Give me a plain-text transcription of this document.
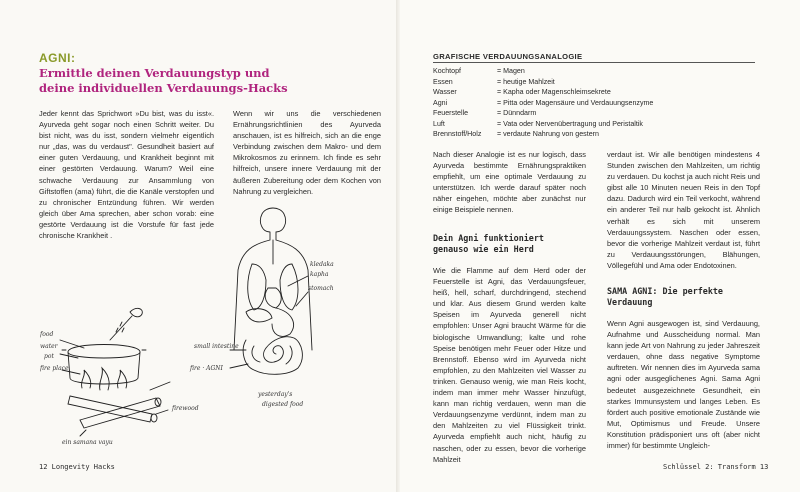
AGNI:
Ermittle deinen Verdauungstyp und
deine individuellen Verdauungs-Hacks

Jeder kennt das Sprichwort »Du bist, was du isst«. Ayurveda geht sogar noch einen Schritt weiter. Du bist nicht, was du isst, sondern vielmehr eigentlich nur „das, was du verdaust". Gesundheit basiert auf einer guten Verdauung, und Krankheit beginnt mit einer gestörten Verdauung. Warum? Weil eine schwache Verdauung zur Ansammlung von Giftstoffen (ama) führt, die die Kanäle verstopfen und zu chronischer Entzündung führen. Wir werden gleich über Ama sprechen, aber schon vorab: eine gestörte Verdauung ist die Vorstufe für fast jede chronische Krankheit .

Wenn wir uns die verschiedenen Ernährungsrichtlinien des Ayurveda anschauen, ist es hilfreich, sich an die enge Verbindung zwischen dem Makro- und dem Mikrokosmos zu erinnern. Ich finde es sehr hilfreich, unsere innere Verdauung mit der äußeren Zubereitung oder dem Kochen von Nahrung zu vergleichen.

food
water
pot
fire place
ein samana vayu
small intestine
fire · AGNI
firewood
kledaka
kapha
stomach
yesterday's
digested food
12 Longevity Hacks
GRAFISCHE VERDAUUNGSANALOGIE
Kochtopf	= Magen
Essen	= heutige Mahlzeit
Wasser	= Kapha oder Magenschleimsekrete
Agni	= Pitta oder Magensäure und Verdauungsenzyme
Feuerstelle	= Dünndarm
Luft	= Vata oder Nervenübertragung und Peristaltik
Brennstoff/Holz	= verdaute Nahrung von gestern

Nach dieser Analogie ist es nur logisch, dass Ayurveda bestimmte Ernährungspraktiken empfiehlt, um eine optimale Verdauung zu unterstützen. Ich werde darauf später noch näher eingehen, möchte aber zunächst nur einige Beispiele nennen.

Dein Agni funktioniert genauso wie ein Herd

Wie die Flamme auf dem Herd oder der Feuerstelle ist Agni, das Verdauungsfeuer, heiß, hell, scharf, durchdringend, stechend und klar. Aus diesem Grund werden kalte Speisen im Ayurveda generell nicht empfohlen: Unser Agni braucht Wärme für die biologische Umwandlung; kalte und rohe Speise benötigen mehr Feuer oder Hitze und Brennstoff. Ebenso wird im Ayurveda nicht empfohlen, zu den Mahlzeiten viel Wasser zu trinken. Genauso wenig, wie man Reis kocht, indem man immer mehr Wasser hinzufügt, kann man richtig verdauen, wenn man die Verdauungsenzyme verdünnt, indem man zu den Mahlzeiten zu viel Flüssigkeit trinkt. Ayurveda empfiehlt auch nicht, häufig zu naschen, oder zu essen, bevor die vorherige Mahlzeit

verdaut ist. Wir alle benötigen mindestens 4 Stunden zwischen den Mahlzeiten, um richtig zu verdauen. Du kochst ja auch nicht Reis und gibst alle 10 Minuten neuen Reis in den Topf dazu. Dadurch wird ein Teil verkocht, während ein anderer Teil nur halb gekocht ist. Ähnlich verhält es sich mit unserem Verdauungssystem. Naschen oder essen, bevor die vorherige Mahlzeit verdaut ist, führt zu Verdauungsstörungen, Blähungen, Völlegefühl und Ama oder Endotoxinen.

SAMA AGNI: Die perfekte Verdauung

Wenn Agni ausgewogen ist, sind Verdauung, Aufnahme und Ausscheidung normal. Man kann jede Art von Nahrung zu jeder Jahreszeit verdauen, ohne dass negative Symptome auftreten. Wir nennen dies im Ayurveda sama agni oder ausgeglichenes Agni. Sama Agni bedeutet ausgezeichnete Gesundheit, ein starkes Immunsystem und langes Leben. Es fördert auch positive emotionale Zustände wie Mut, Optimismus und Freude. Unsere Konstitution prädisponiert uns oft (aber nicht immer) für bestimmte Ungleich-

Schlüssel 2: Transform 13
